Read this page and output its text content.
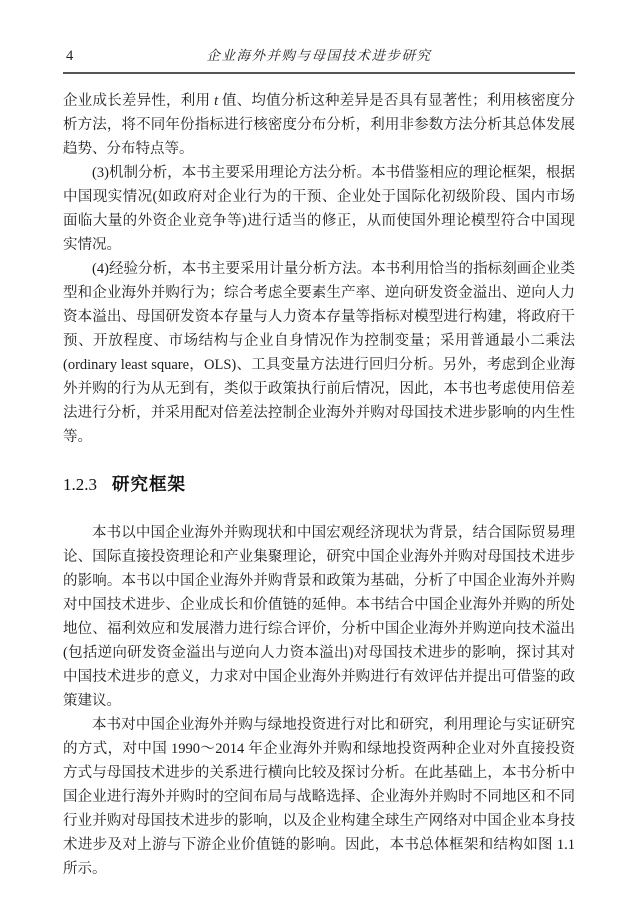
4	企业海外并购与母国技术进步研究

企业成长差异性，利用 t 值、均值分析这种差异是否具有显著性；利用核密度分析方法，将不同年份指标进行核密度分布分析，利用非参数方法分析其总体发展趋势、分布特点等。

(3)机制分析，本书主要采用理论方法分析。本书借鉴相应的理论框架，根据中国现实情况(如政府对企业行为的干预、企业处于国际化初级阶段、国内市场面临大量的外资企业竞争等)进行适当的修正，从而使国外理论模型符合中国现实情况。

(4)经验分析，本书主要采用计量分析方法。本书利用恰当的指标刻画企业类型和企业海外并购行为；综合考虑全要素生产率、逆向研发资金溢出、逆向人力资本溢出、母国研发资本存量与人力资本存量等指标对模型进行构建，将政府干预、开放程度、市场结构与企业自身情况作为控制变量；采用普通最小二乘法(ordinary least square，OLS)、工具变量方法进行回归分析。另外，考虑到企业海外并购的行为从无到有，类似于政策执行前后情况，因此，本书也考虑使用倍差法进行分析，并采用配对倍差法控制企业海外并购对母国技术进步影响的内生性等。

1.2.3 研究框架

本书以中国企业海外并购现状和中国宏观经济现状为背景，结合国际贸易理论、国际直接投资理论和产业集聚理论，研究中国企业海外并购对母国技术进步的影响。本书以中国企业海外并购背景和政策为基础，分析了中国企业海外并购对中国技术进步、企业成长和价值链的延伸。本书结合中国企业海外并购的所处地位、福利效应和发展潜力进行综合评价，分析中国企业海外并购逆向技术溢出(包括逆向研发资金溢出与逆向人力资本溢出)对母国技术进步的影响，探讨其对中国技术进步的意义，力求对中国企业海外并购进行有效评估并提出可借鉴的政策建议。

本书对中国企业海外并购与绿地投资进行对比和研究，利用理论与实证研究的方式，对中国 1990～2014 年企业海外并购和绿地投资两种企业对外直接投资方式与母国技术进步的关系进行横向比较及探讨分析。在此基础上，本书分析中国企业进行海外并购时的空间布局与战略选择、企业海外并购时不同地区和不同行业并购对母国技术进步的影响，以及企业构建全球生产网络对中国企业本身技术进步及对上游与下游企业价值链的影响。因此，本书总体框架和结构如图 1.1 所示。
